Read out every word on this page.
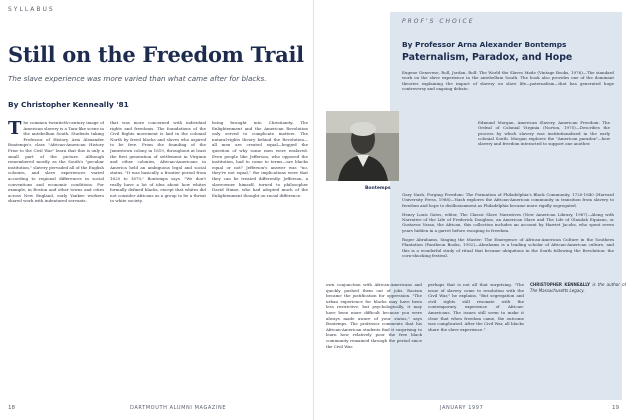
SYLLABUS
Still on the Freedom Trail
The slave experience was more varied than what came after for blacks.
By Christopher Kenneally '81

The common twentieth-century image of American slavery is a Tara-like scene in the antebellum South. Students taking Professor of History Aria Alexander Bontemps's class "African-American History Prior to the Civil War" learn that this is only a small part of the picture. Although remembered mostly as the South's "peculiar institution," slavery pervaded all of the English colonies, and slave experiences varied according to regional differences in social conventions and economic conditions. For example, in Boston and other towns and cities across New England, early Yankee workers shared work with indentured servants.

that was more concerned with individual rights and freedoms. The foundations of the Civil Rights movement is laid in the colonial North by freed blacks and slaves who aspired to be free. From the founding of the Jamestown colony in 1619, throughout at least the first generation of settlement in Virginia and other colonies, African-Americans in America held an ambiguous legal and social status. "It was basically a frontier period from 1620 to 1670," Bontemps says. "We don't really have a lot of idea about how whites formally defined blacks, except that whites did not consider Africans as a group to be a threat to white society.

being brought into Christianity. The Enlightenment and the American Revolution only served to complicate matters. The natural-rights theory behind the Revolution—all men are created equal—begged the question of why some men were enslaved. Even people like Jefferson, who opposed the institution, had to come to terms—are blacks equal or not? Jefferson's answer was "no, they're not equal," the implications were that they can be treated differently. Jefferson, a slaveowner himself, turned to philosopher David Hume, who had adopted much of the Enlightenment thought on racial difference.

18	DARTMOUTH ALUMNI MAGAZINE
PROF'S CHOICE
By Professor Arna Alexander Bontemps
Paternalism, Paradox, and Hope
Eugene Genovese, Roll, Jordan, Roll: The World the Slaves Made (Vintage Books, 1976)—The standard work on the slave experience in the antebellum South. The book also provides one of the dominant theories explaining the impact of slavery on slave life—paternalism—that has generated huge controversy and ongoing debate.
Edmund Morgan, American Slavery, American Freedom: The Ordeal of Colonial Virginia (Norton, 1975)—Describes the process by which slavery was institutionalized in the early colonial South. Morgan explores the "American paradox"—how slavery and freedom interacted to support one another.

Gary Nash, Forging Freedom: The Formation of Philadelphia's Black Community, 1720-1840 (Harvard University Press, 1988)—Nash explores the African-American community in transition from slavery to freedom and hope to disillusionment as Philadelphia became more rigidly segregated.

Henry Louis Gates, editor, The Classic Slave Narratives (New American Library, 1987)—Along with Narrative of the Life of Frederick Douglass, an American Slave and The Life of Olaudah Equiano, or Gustavus Vassa, the African, this collection includes an account by Harriet Jacobs, who spent seven years hidden in a garret before escaping to freedom.

Roger Abrahams, Singing the Master: The Emergence of African-American Culture in the Southern Plantation (Pantheon Books, 1992)—Abrahams is a leading scholar of African-American culture, and this is a wonderful study of ritual that became ubiquitous in the South following the Revolution: the corn-shucking festival.

Bontemps

own conjunction with African-Americans and quickly pushed them out of jobs. Racism became the justification for oppression. "The urban experience for blacks may have been less restrictive, but psychologically, it may have been more difficult because you were always made aware of your status," says Bontemps. The professor comments that his African-American students find it surprising to learn how relatively poor the free black community remained through the period since the Civil War.

perhaps that is not all that surprising. "The issue of slavery come to resolution with the Civil War," he explains. "But segregation and civil rights still resonate with the contemporary experience of African-Americans. The issues still seem to make it clear that when freedom came, the outcome was complicated. After the Civil War, all blacks share the slave experience."

CHRISTOPHER KENNEALLY is the author of The Massachusetts Legacy.

JANUARY 1997	19
